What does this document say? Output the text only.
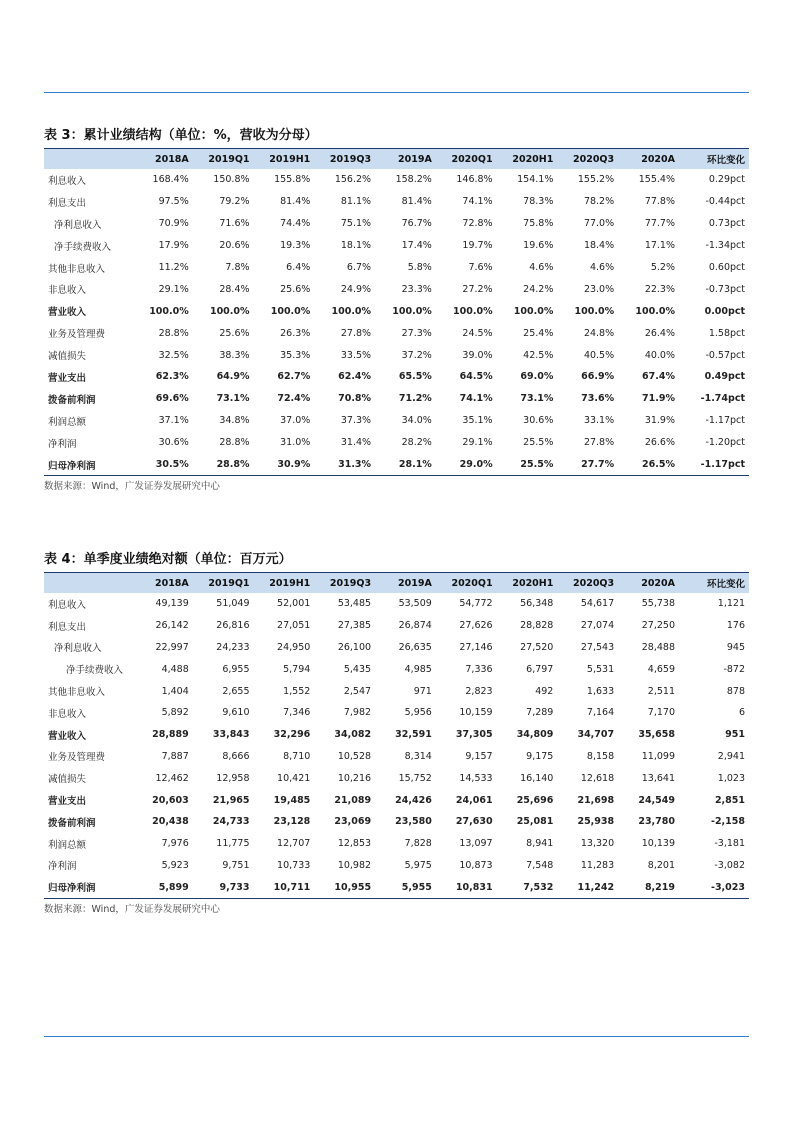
表 3：累计业绩结构（单位：%，营收为分母）
	2018A	2019Q1	2019H1	2019Q3	2019A	2020Q1	2020H1	2020Q3	2020A	环比变化
利息收入	168.4%	150.8%	155.8%	156.2%	158.2%	146.8%	154.1%	155.2%	155.4%	0.29pct
利息支出	97.5%	79.2%	81.4%	81.1%	81.4%	74.1%	78.3%	78.2%	77.8%	-0.44pct
净利息收入	70.9%	71.6%	74.4%	75.1%	76.7%	72.8%	75.8%	77.0%	77.7%	0.73pct
净手续费收入	17.9%	20.6%	19.3%	18.1%	17.4%	19.7%	19.6%	18.4%	17.1%	-1.34pct
其他非息收入	11.2%	7.8%	6.4%	6.7%	5.8%	7.6%	4.6%	4.6%	5.2%	0.60pct
非息收入	29.1%	28.4%	25.6%	24.9%	23.3%	27.2%	24.2%	23.0%	22.3%	-0.73pct
营业收入	100.0%	100.0%	100.0%	100.0%	100.0%	100.0%	100.0%	100.0%	100.0%	0.00pct
业务及管理费	28.8%	25.6%	26.3%	27.8%	27.3%	24.5%	25.4%	24.8%	26.4%	1.58pct
减值损失	32.5%	38.3%	35.3%	33.5%	37.2%	39.0%	42.5%	40.5%	40.0%	-0.57pct
营业支出	62.3%	64.9%	62.7%	62.4%	65.5%	64.5%	69.0%	66.9%	67.4%	0.49pct
拨备前利润	69.6%	73.1%	72.4%	70.8%	71.2%	74.1%	73.1%	73.6%	71.9%	-1.74pct
利润总额	37.1%	34.8%	37.0%	37.3%	34.0%	35.1%	30.6%	33.1%	31.9%	-1.17pct
净利润	30.6%	28.8%	31.0%	31.4%	28.2%	29.1%	25.5%	27.8%	26.6%	-1.20pct
归母净利润	30.5%	28.8%	30.9%	31.3%	28.1%	29.0%	25.5%	27.7%	26.5%	-1.17pct
数据来源：Wind，广发证券发展研究中心
表 4：单季度业绩绝对额（单位：百万元）
	2018A	2019Q1	2019H1	2019Q3	2019A	2020Q1	2020H1	2020Q3	2020A	环比变化
利息收入	49,139	51,049	52,001	53,485	53,509	54,772	56,348	54,617	55,738	1,121
利息支出	26,142	26,816	27,051	27,385	26,874	27,626	28,828	27,074	27,250	176
净利息收入	22,997	24,233	24,950	26,100	26,635	27,146	27,520	27,543	28,488	945
净手续费收入	4,488	6,955	5,794	5,435	4,985	7,336	6,797	5,531	4,659	-872
其他非息收入	1,404	2,655	1,552	2,547	971	2,823	492	1,633	2,511	878
非息收入	5,892	9,610	7,346	7,982	5,956	10,159	7,289	7,164	7,170	6
营业收入	28,889	33,843	32,296	34,082	32,591	37,305	34,809	34,707	35,658	951
业务及管理费	7,887	8,666	8,710	10,528	8,314	9,157	9,175	8,158	11,099	2,941
减值损失	12,462	12,958	10,421	10,216	15,752	14,533	16,140	12,618	13,641	1,023
营业支出	20,603	21,965	19,485	21,089	24,426	24,061	25,696	21,698	24,549	2,851
拨备前利润	20,438	24,733	23,128	23,069	23,580	27,630	25,081	25,938	23,780	-2,158
利润总额	7,976	11,775	12,707	12,853	7,828	13,097	8,941	13,320	10,139	-3,181
净利润	5,923	9,751	10,733	10,982	5,975	10,873	7,548	11,283	8,201	-3,082
归母净利润	5,899	9,733	10,711	10,955	5,955	10,831	7,532	11,242	8,219	-3,023
数据来源：Wind，广发证券发展研究中心
